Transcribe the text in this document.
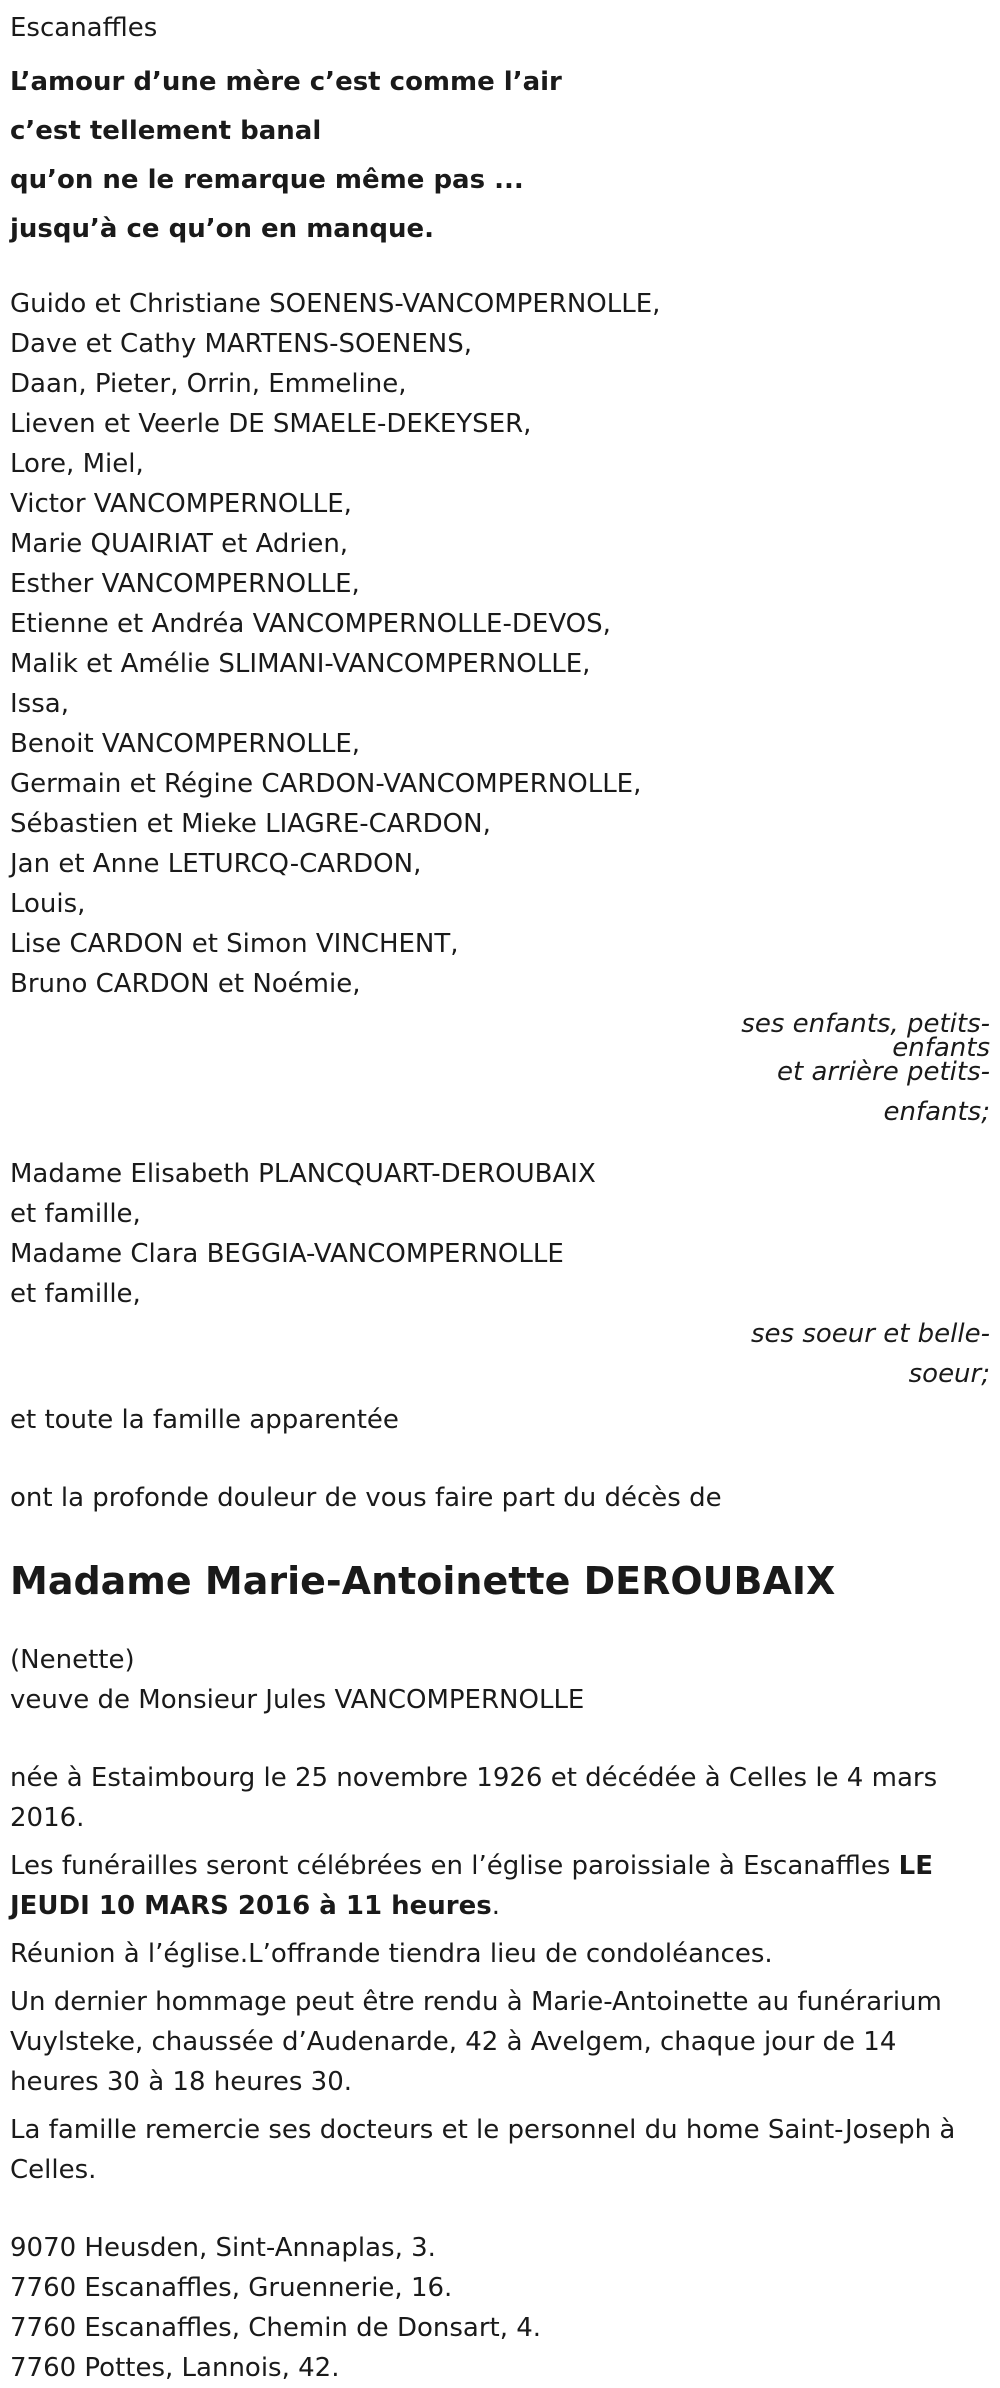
Escanaffles
L’amour d’une mère c’est comme l’air
c’est tellement banal
qu’on ne le remarque même pas ...
jusqu’à ce qu’on en manque.
Guido et Christiane SOENENS-VANCOMPERNOLLE,
Dave et Cathy MARTENS-SOENENS,
Daan, Pieter, Orrin, Emmeline,
Lieven et Veerle DE SMAELE-DEKEYSER,
Lore, Miel,
Victor VANCOMPERNOLLE,
Marie QUAIRIAT et Adrien,
Esther VANCOMPERNOLLE,
Etienne et Andréa VANCOMPERNOLLE-DEVOS,
Malik et Amélie SLIMANI-VANCOMPERNOLLE,
Issa,
Benoit VANCOMPERNOLLE,
Germain et Régine CARDON-VANCOMPERNOLLE,
Sébastien et Mieke LIAGRE-CARDON,
Jan et Anne LETURCQ-CARDON,
Louis,
Lise CARDON et Simon VINCHENT,
Bruno CARDON et Noémie,
ses enfants, petits-
enfants
et arrière petits-
enfants;
Madame Elisabeth PLANCQUART-DEROUBAIX
et famille,
Madame Clara BEGGIA-VANCOMPERNOLLE
et famille,
ses soeur et belle-
soeur;
et toute la famille apparentée
ont la profonde douleur de vous faire part du décès de
Madame Marie-Antoinette DEROUBAIX
(Nenette)
veuve de Monsieur Jules VANCOMPERNOLLE
née à Estaimbourg le 25 novembre 1926 et décédée à Celles le 4 mars 2016.
Les funérailles seront célébrées en l’église paroissiale à Escanaffles LE JEUDI 10 MARS 2016 à 11 heures.
Réunion à l’église.L’offrande tiendra lieu de condoléances.
Un dernier hommage peut être rendu à Marie-Antoinette au funérarium Vuylsteke, chaussée d’Audenarde, 42 à Avelgem, chaque jour de 14 heures 30 à 18 heures 30.
La famille remercie ses docteurs et le personnel du home Saint-Joseph à Celles.
9070 Heusden, Sint-Annaplas, 3.
7760 Escanaffles, Gruennerie, 16.
7760 Escanaffles, Chemin de Donsart, 4.
7760 Pottes, Lannois, 42.
